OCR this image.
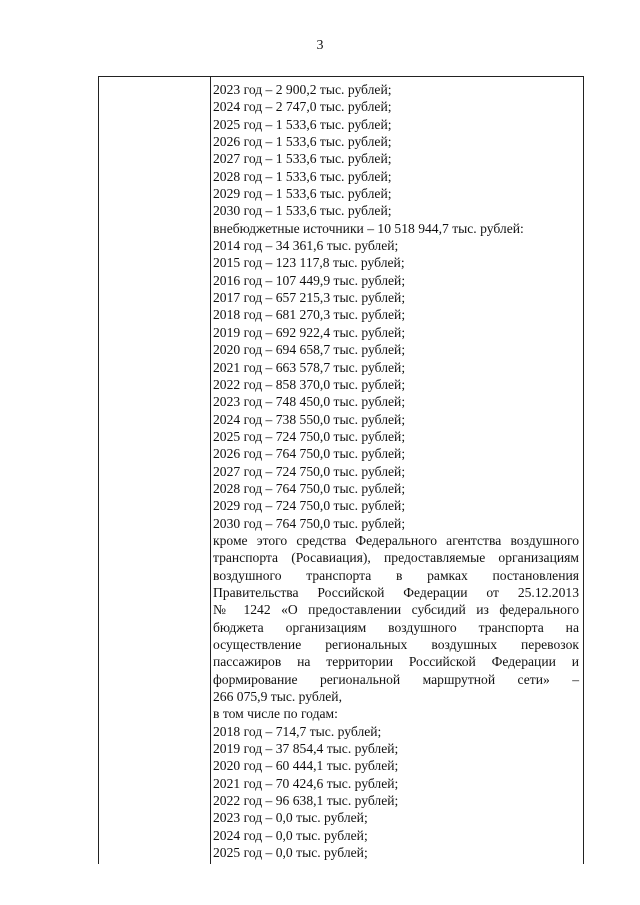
3
2023 год – 2 900,2 тыс. рублей;
2024 год – 2 747,0 тыс. рублей;
2025 год – 1 533,6 тыс. рублей;
2026 год – 1 533,6 тыс. рублей;
2027 год – 1 533,6 тыс. рублей;
2028 год – 1 533,6 тыс. рублей;
2029 год – 1 533,6 тыс. рублей;
2030 год – 1 533,6 тыс. рублей;
внебюджетные источники – 10 518 944,7 тыс. рублей:
2014 год – 34 361,6 тыс. рублей;
2015 год – 123 117,8 тыс. рублей;
2016 год – 107 449,9 тыс. рублей;
2017 год – 657 215,3 тыс. рублей;
2018 год – 681 270,3 тыс. рублей;
2019 год – 692 922,4 тыс. рублей;
2020 год – 694 658,7 тыс. рублей;
2021 год – 663 578,7 тыс. рублей;
2022 год – 858 370,0 тыс. рублей;
2023 год – 748 450,0 тыс. рублей;
2024 год – 738 550,0 тыс. рублей;
2025 год – 724 750,0 тыс. рублей;
2026 год – 764 750,0 тыс. рублей;
2027 год – 724 750,0 тыс. рублей;
2028 год – 764 750,0 тыс. рублей;
2029 год – 724 750,0 тыс. рублей;
2030 год – 764 750,0 тыс. рублей;
кроме этого средства Федерального агентства воздушного
транспорта (Росавиация), предоставляемые организациям
воздушного транспорта в рамках постановления
Правительства Российской Федерации от 25.12.2013
№ 1242 «О предоставлении субсидий из федерального
бюджета организациям воздушного транспорта на
осуществление региональных воздушных перевозок
пассажиров на территории Российской Федерации и
формирование региональной маршрутной сети» –
266 075,9 тыс. рублей,
в том числе по годам:
2018 год – 714,7 тыс. рублей;
2019 год – 37 854,4 тыс. рублей;
2020 год – 60 444,1 тыс. рублей;
2021 год – 70 424,6 тыс. рублей;
2022 год – 96 638,1 тыс. рублей;
2023 год – 0,0 тыс. рублей;
2024 год – 0,0 тыс. рублей;
2025 год – 0,0 тыс. рублей;
